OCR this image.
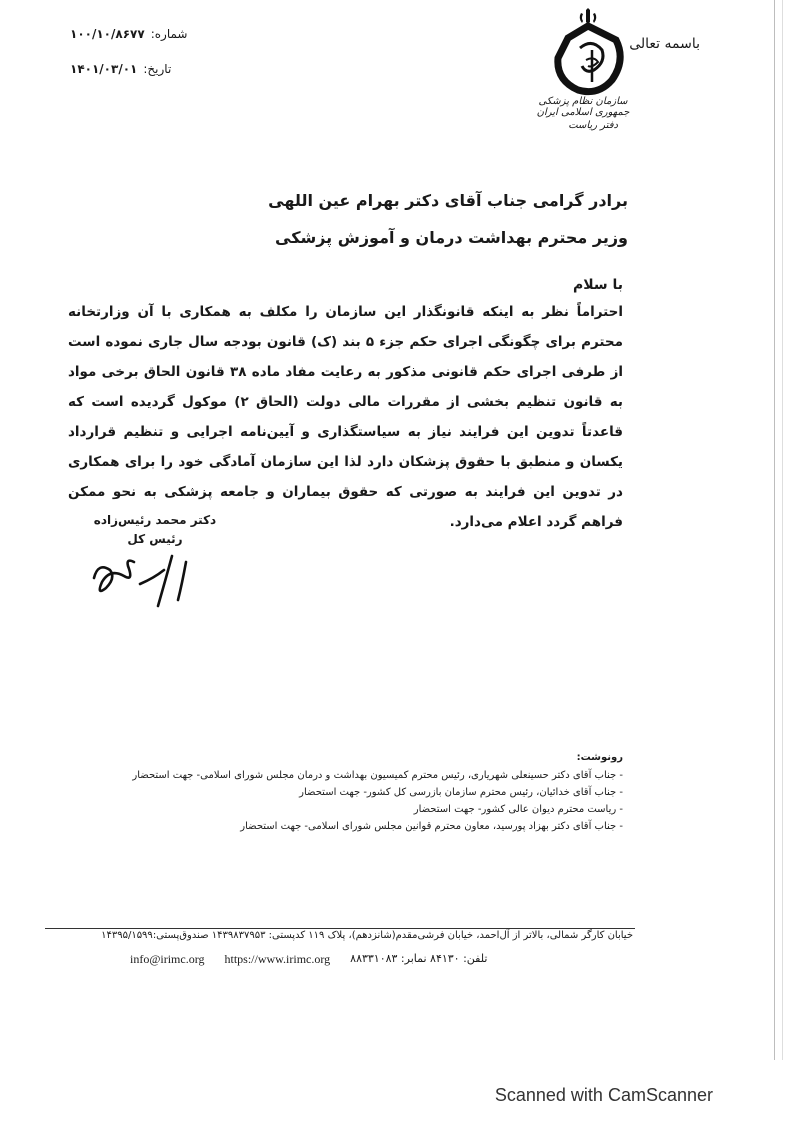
۱۰۰/۱۰/۸۶۷۷ شماره:
۱۴۰۱/۰۳/۰۱ تاریخ:
باسمه تعالی
سازمان نظام پزشکی جمهوری اسلامی ایران
دفتر ریاست
برادر گرامی جناب آقای دکتر بهرام عین اللهی
وزیر محترم بهداشت درمان و آموزش پزشکی
با سلام
احتراماً نظر به اینکه قانونگذار این سازمان را مکلف به همکاری با آن وزارتخانه محترم برای چگونگی اجرای حکم جزء ۵ بند (ک) قانون بودجه سال جاری نموده است از طرفی اجرای حکم قانونی مذکور به رعایت مفاد ماده ۳۸ قانون الحاق برخی مواد به قانون تنظیم بخشی از مقررات مالی دولت (الحاق ۲) موکول گردیده است که قاعدتاً تدوین این فرایند نیاز به سیاستگذاری و آیین‌نامه اجرایی و تنظیم قرارداد یکسان و منطبق با حقوق پزشکان دارد لذا این سازمان آمادگی خود را برای همکاری در تدوین این فرایند به صورتی که حقوق بیماران و جامعه پزشکی به نحو ممکن فراهم گردد اعلام می‌دارد.
دکتر محمد رئیس‌زاده
رئیس کل
رونوشت:
- جناب آقای دکتر حسینعلی شهریاری، رئیس محترم کمیسیون بهداشت و درمان مجلس شورای اسلامی- جهت استحضار
- جناب آقای خدائیان، رئیس محترم سازمان بازرسی کل کشور- جهت استحضار
- ریاست محترم دیوان عالی کشور- جهت استحضار
- جناب آقای دکتر بهزاد پورسید، معاون محترم قوانین مجلس شورای اسلامی- جهت استحضار
خیابان کارگر شمالی، بالاتر از آل‌احمد، خیابان فرشی‌مقدم(شانزدهم)، پلاک ۱۱۹ کدپستی: ۱۴۳۹۸۳۷۹۵۳ صندوق‌پستی:۱۴۳۹۵/۱۵۹۹
info@irimc.org https://www.irimc.org تلفن: ۸۴۱۳۰ نمابر: ۸۸۳۳۱۰۸۳
Scanned with CamScanner
